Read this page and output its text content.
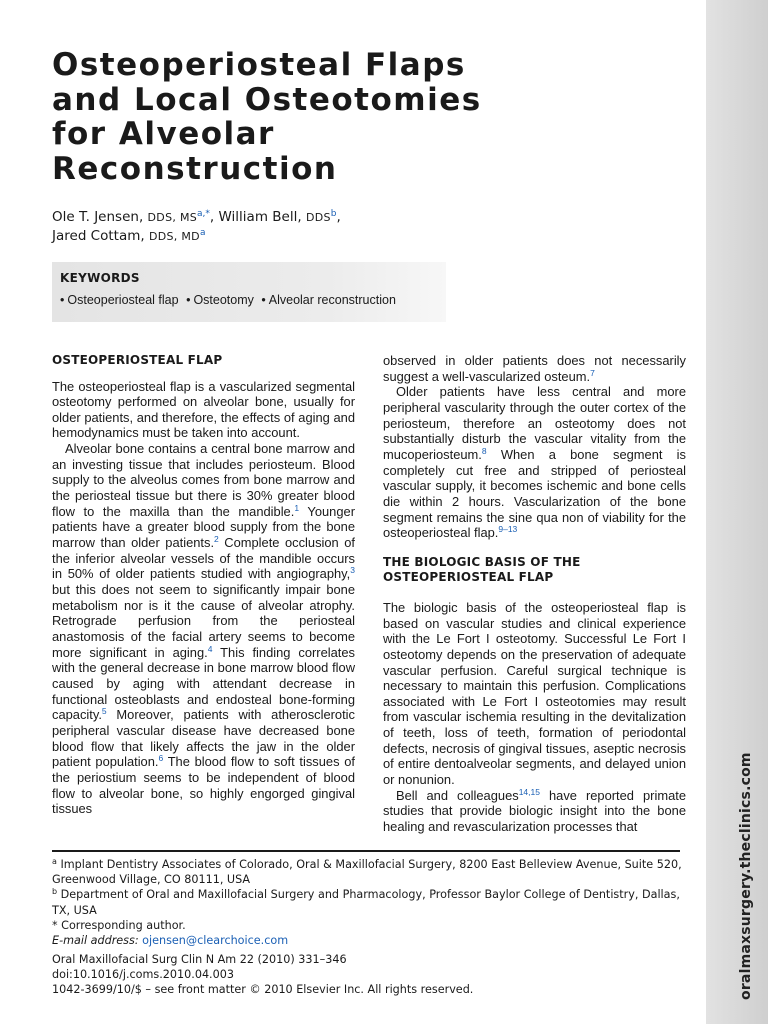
oralmaxsurgery.theclinics.com
Osteoperiosteal Flaps
and Local Osteotomies
for Alveolar
Reconstruction
Ole T. Jensen, DDS, $MS^{a,*}$, William Bell, DDS$^b$,
Jared Cottam, DDS, $MD^a$
KEYWORDS
• Osteoperiosteal flap • Osteotomy • Alveolar reconstruction
OSTEOPERIOSTEAL FLAP

The osteoperiosteal flap is a vascularized segmental osteotomy performed on alveolar bone, usually for older patients, and therefore, the effects of aging and hemodynamics must be taken into account.

Alveolar bone contains a central bone marrow and an investing tissue that includes periosteum. Blood supply to the alveolus comes from bone marrow and the periosteal tissue but there is 30% greater blood flow to the maxilla than the mandible.$^1$ Younger patients have a greater blood supply from the bone marrow than older patients.$^2$ Complete occlusion of the inferior alveolar vessels of the mandible occurs in 50% of older patients studied with angiography,$^3$ but this does not seem to significantly impair bone metabolism nor is it the cause of alveolar atrophy. Retrograde perfusion from the periosteal anastomosis of the facial artery seems to become more significant in aging.$^4$ This finding correlates with the general decrease in bone marrow blood flow caused by aging with attendant decrease in functional osteoblasts and endosteal bone-forming capacity.$^5$ Moreover, patients with atherosclerotic peripheral vascular disease have decreased bone blood flow that likely affects the jaw in the older patient population.$^6$ The blood flow to soft tissues of the periostium seems to be independent of blood flow to alveolar bone, so highly engorged gingival tissues

observed in older patients does not necessarily suggest a well-vascularized osteum.$^7$

Older patients have less central and more peripheral vascularity through the outer cortex of the periosteum, therefore an osteotomy does not substantially disturb the vascular vitality from the mucoperiosteum.$^8$ When a bone segment is completely cut free and stripped of periosteal vascular supply, it becomes ischemic and bone cells die within 2 hours. Vascularization of the bone segment remains the sine qua non of viability for the osteoperiosteal flap.$^{9-13}$

THE BIOLOGIC BASIS OF THE OSTEOPERIOSTEAL FLAP

The biologic basis of the osteoperiosteal flap is based on vascular studies and clinical experience with the Le Fort I osteotomy. Successful Le Fort I osteotomy depends on the preservation of adequate vascular perfusion. Careful surgical technique is necessary to maintain this perfusion. Complications associated with Le Fort I osteotomies may result from vascular ischemia resulting in the devitalization of teeth, loss of teeth, formation of periodontal defects, necrosis of gingival tissues, aseptic necrosis of entire dentoalveolar segments, and delayed union or nonunion.

Bell and colleagues$^{14,15}$ have reported primate studies that provide biologic insight into the bone healing and revascularization processes that

$^a$ Implant Dentistry Associates of Colorado, Oral & Maxillofacial Surgery, 8200 East Belleview Avenue, Suite 520, Greenwood Village, CO 80111, USA
$^b$ Department of Oral and Maxillofacial Surgery and Pharmacology, Professor Baylor College of Dentistry, Dallas, TX, USA
* Corresponding author.
E-mail address: ojensen@clearchoice.com
Oral Maxillofacial Surg Clin N Am 22 (2010) 331–346
doi:10.1016/j.coms.2010.04.003
1042-3699/10/$ – see front matter © 2010 Elsevier Inc. All rights reserved.
